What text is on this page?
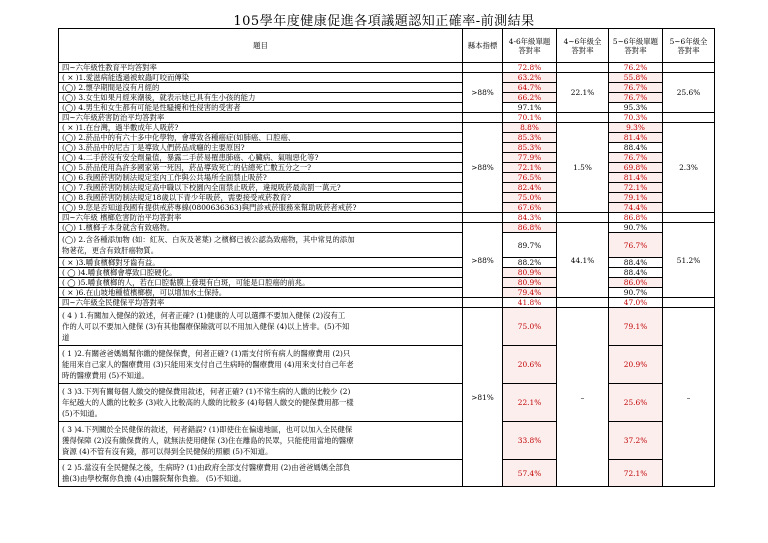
105學年度健康促進各項議題認知正確率-前測結果
題目	縣本指標	4-6年級單題答對率	4~6年級全答對率	5~6年級單題答對率	5~6年級全答對率
四~六年級性教育平均答對率		72.8%		76.2%	
( × )1.愛滋病能透過被蚊蟲叮咬而傳染	>88%	63.2%	22.1%	55.8%	25.6%
(◯) 2.懷孕期間是沒有月經的		64.7%		76.7%	
(◯) 3.女生如果月經來潮後，就表示她已具有生小孩的能力		66.2%		76.7%	
(◯) 4.男生和女生都有可能是性騷擾和性侵害的受害者		97.1%		95.3%	
四~六年級菸害防治平均答對率		70.1%		70.3%	
( × )1.在台灣，過半數成年人吸菸?	>88%	8.8%	1.5%	9.3%	2.3%
(◯) 2.菸品中的有六十多中化學物，會導致各種癌症(如肺癌、口腔癌、		85.3%		81.4%	
(◯) 3.菸品中的尼古丁是導致人們菸品成癮的主要原因?		85.3%		88.4%	
(◯) 4.二手菸沒有安全劑量值，暴露二手菸易罹患肺癌、心臟病、氣喘惡化等?		77.9%		76.7%	
(◯) 5.菸品使用為許多國家第一死因，菸品導致死亡的佔總死亡數五分之一?		72.1%		69.8%	
(◯) 6.我國菸害防制法規定室內工作與公共場所全面禁止吸菸?		76.5%		81.4%	
(◯) 7.我國菸害防制法規定高中職以下校園內全面禁止吸菸，違規吸菸最高罰一萬元?		82.4%		72.1%	
(◯) 8.我國菸害防制法規定18歲以下青少年吸菸，需要接受戒菸教育?		75.0%		79.1%	
(◯) 9.您是否知道我國有提供戒菸專線(0800636363)與門診戒菸服務來幫助吸菸者戒菸?		67.6%		74.4%	
四~六年級 檳榔危害防治平均答對率		84.3%		86.8%	
(◯) 1.檳榔子本身就含有致癌物。	>88%	86.8%	44.1%	90.7%	51.2%

(◯) 2.含各種添加物 (如：紅灰、白灰及荖葉) 之檳榔已被公認為致癌物，其中常見的添加
物荖花，更含有致肝癌物質。		89.7%		76.7%	
( × )3.嚼食檳榔對牙齒有益。		88.2%		88.4%	
( ◯ )4.嚼食檳榔會導致口腔硬化。		80.9%		88.4%	
( ◯ )5.嚼食檳榔的人，若在口腔黏膜上發現有白斑，可能是口腔癌的前兆。		80.9%		86.0%	
( × )6.在山坡地種植檳榔樹，可以增加水土保持。		79.4%		90.7%	
四~六年級全民健保平均答對率		41.8%		47.0%	

( 4 ) 1.有關加入健保的敘述，何者正確? (1)健康的人可以選擇不要加入健保 (2)沒有工
作的人可以不要加入健保 (3)有其他醫療保險就可以不用加入健保 (4)以上皆非。(5)不知
道	>81%	75.0%	–	79.1%	–

( 1 )2.有關爸爸媽媽幫你繳的健保保費，何者正確? (1)需支付所有病人的醫療費用 (2)只
能用來自己家人的醫療費用 (3)只能用來支付自己生病時的醫療費用 (4)用來支付自己年老
時的醫療費用 (5)不知道。		20.6%		20.9%	

( 3 )3.下列有關每個人繳交的健保費用敘述，何者正確? (1)不常生病的人繳的比較少 (2)
年紀越大的人繳的比較多 (3)收入比較高的人繳的比較多 (4)每個人繳交的健保費用都一樣
(5)不知道。		22.1%		25.6%	

( 3 )4.下列關於全民健保的敘述，何者錯誤? (1)即使住在偏遠地區，也可以加入全民健保
獲得保障 (2)沒有繳保費的人，就無法使用健保 (3)住在離島的民眾，只能使用當地的醫療
資源 (4)不管有沒有錢，都可以得到全民健保的照顧 (5)不知道。		33.8%		37.2%	

( 2 )5.當沒有全民健保之後，生病時? (1)由政府全部支付醫療費用 (2)由爸爸媽媽全部負
擔(3)由學校幫你負擔 (4)由醫院幫你負擔。 (5)不知道。		57.4%		72.1%	
